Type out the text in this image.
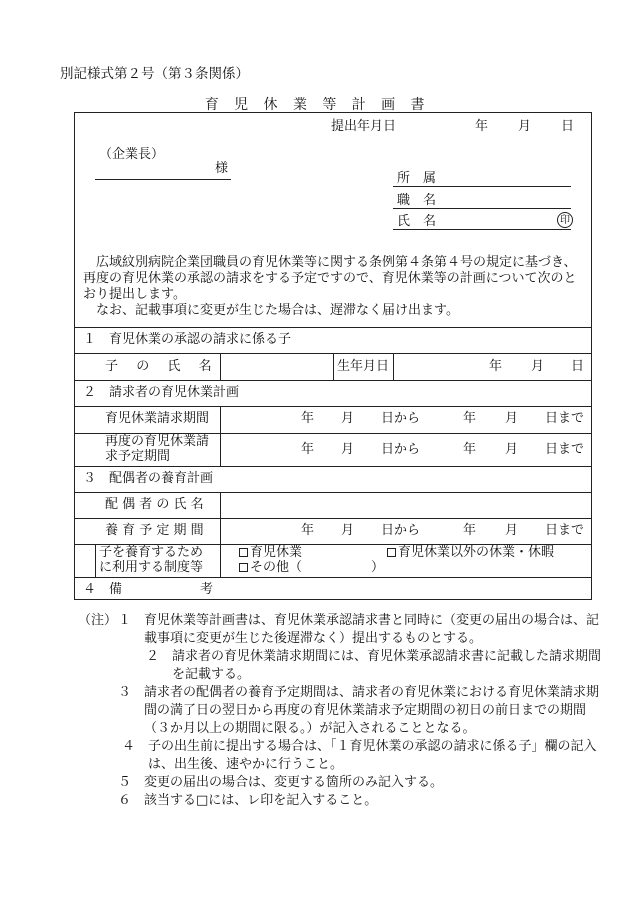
別記様式第２号（第３条関係）
育　児　休　業　等　計　画　書
提出年月日	年 月 日
（企業長）
様
所　属
職　名
氏　名	印
広域紋別病院企業団職員の育児休業等に関する条例第４条第４号の規定に基づき、再度の育児休業の承認の請求をする予定ですので、育児休業等の計画について次のとおり提出します。
なお、記載事項に変更が生じた場合は、遅滞なく届け出ます。
１　育児休業の承認の請求に係る子
子　の　氏　名	生年月日	年 月 日
２　請求者の育児休業計画
育児休業請求期間	年 月 日から	年 月 日まで
再度の育児休業請
求予定期間	年 月 日から	年 月 日まで
３　配偶者の養育計画
配 偶 者 の 氏 名
養 育 予 定 期 間	年 月 日から	年 月 日まで
子を養育するため
に利用する制度等
育児休業	育児休業以外の休業・休暇
その他（	）
４　備　　　　　　考
（注） １ 育児休業等計画書は、育児休業承認請求書と同時に（変更の届出の場合は、記載事項に変更が生じた後遅滞なく）提出するものとする。
２ 請求者の育児休業請求期間には、育児休業承認請求書に記載した請求期間を記載する。
３ 請求者の配偶者の養育予定期間は、請求者の育児休業における育児休業請求期間の満了日の翌日から再度の育児休業請求予定期間の初日の前日までの期間（３か月以上の期間に限る。）が記入されることとなる。
４ 子の出生前に提出する場合は、「１育児休業の承認の請求に係る子」欄の記入は、出生後、速やかに行うこと。
５ 変更の届出の場合は、変更する箇所のみ記入する。
６ 該当する□には、レ印を記入すること。
